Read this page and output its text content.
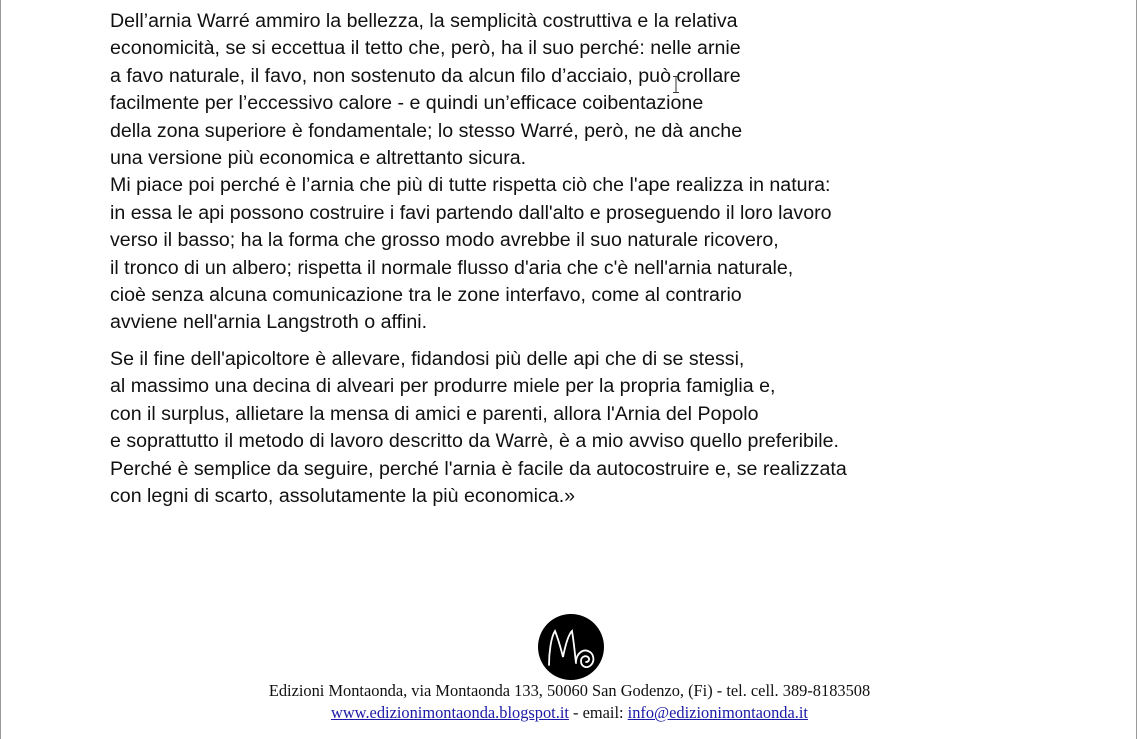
Dell’arnia Warré ammiro la bellezza, la semplicità costruttiva e la relativa
economicità, se si eccettua il tetto che, però, ha il suo perché: nelle arnie
a favo naturale, il favo, non sostenuto da alcun filo d’acciaio, può crollare
facilmente per l’eccessivo calore - e quindi un’efficace coibentazione
della zona superiore è fondamentale; lo stesso Warré, però, ne dà anche
una versione più economica e altrettanto sicura.
Mi piace poi perché è l’arnia che più di tutte rispetta ciò che l'ape realizza in natura:
in essa le api possono costruire i favi partendo dall'alto e proseguendo il loro lavoro
verso il basso; ha la forma che grosso modo avrebbe il suo naturale ricovero,
il tronco di un albero; rispetta il normale flusso d'aria che c'è nell'arnia naturale,
cioè senza alcuna comunicazione tra le zone interfavo, come al contrario
avviene nell'arnia Langstroth o affini.

Se il fine dell'apicoltore è allevare, fidandosi più delle api che di se stessi,
al massimo una decina di alveari per produrre miele per la propria famiglia e,
con il surplus, allietare la mensa di amici e parenti, allora l'Arnia del Popolo
e soprattutto il metodo di lavoro descritto da Warrè, è a mio avviso quello preferibile.
Perché è semplice da seguire, perché l'arnia è facile da autocostruire e, se realizzata
con legni di scarto, assolutamente la più economica.»

Edizioni Montaonda, via Montaonda 133, 50060 San Godenzo, (Fi) - tel. cell. 389-8183508
www.edizionimontaonda.blogspot.it - email: info@edizionimontaonda.it
